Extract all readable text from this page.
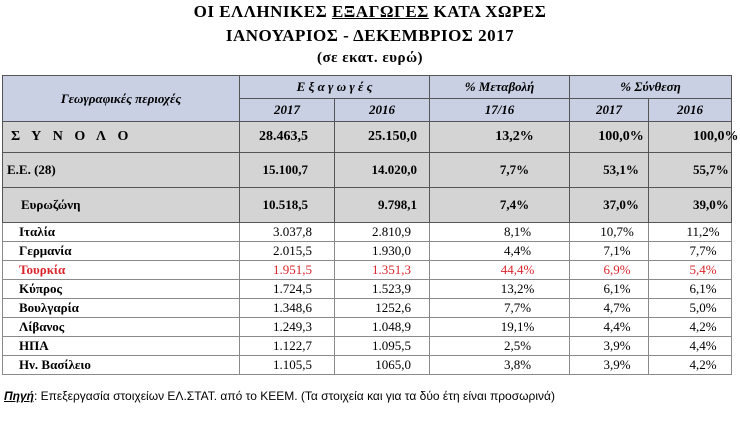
ΟΙ ΕΛΛΗΝΙΚΕΣ ΕΞΑΓΩΓΕΣ ΚΑΤΑ ΧΩΡΕΣ
ΙΑΝΟΥΑΡΙΟΣ - ΔΕΚΕΜΒΡΙΟΣ 2017
(σε εκατ. ευρώ)
Γεωγραφικές περιοχές	Ε ξ α γ ω γ έ ς		% Μεταβολή	% Σύνθεση	
	2017	2016	17/16	2017	2016
Σ Υ Ν Ο Λ Ο	28.463,5	25.150,0	13,2%	100,0%	100,0%
Ε.Ε. (28)	15.100,7	14.020,0	7,7%	53,1%	55,7%
Ευρωζώνη	10.518,5	9.798,1	7,4%	37,0%	39,0%
Ιταλία	3.037,8	2.810,9	8,1%	10,7%	11,2%
Γερμανία	2.015,5	1.930,0	4,4%	7,1%	7,7%
Τουρκία	1.951,5	1.351,3	44,4%	6,9%	5,4%
Κύπρος	1.724,5	1.523,9	13,2%	6,1%	6,1%
Βουλγαρία	1.348,6	1252,6	7,7%	4,7%	5,0%
Λίβανος	1.249,3	1.048,9	19,1%	4,4%	4,2%
ΗΠΑ	1.122,7	1.095,5	2,5%	3,9%	4,4%
Ην. Βασίλειο	1.105,5	1065,0	3,8%	3,9%	4,2%
Πηγή: Επεξεργασία στοιχείων ΕΛ.ΣΤΑΤ. από το ΚΕΕΜ. (Τα στοιχεία και για τα δύο έτη είναι προσωρινά)
